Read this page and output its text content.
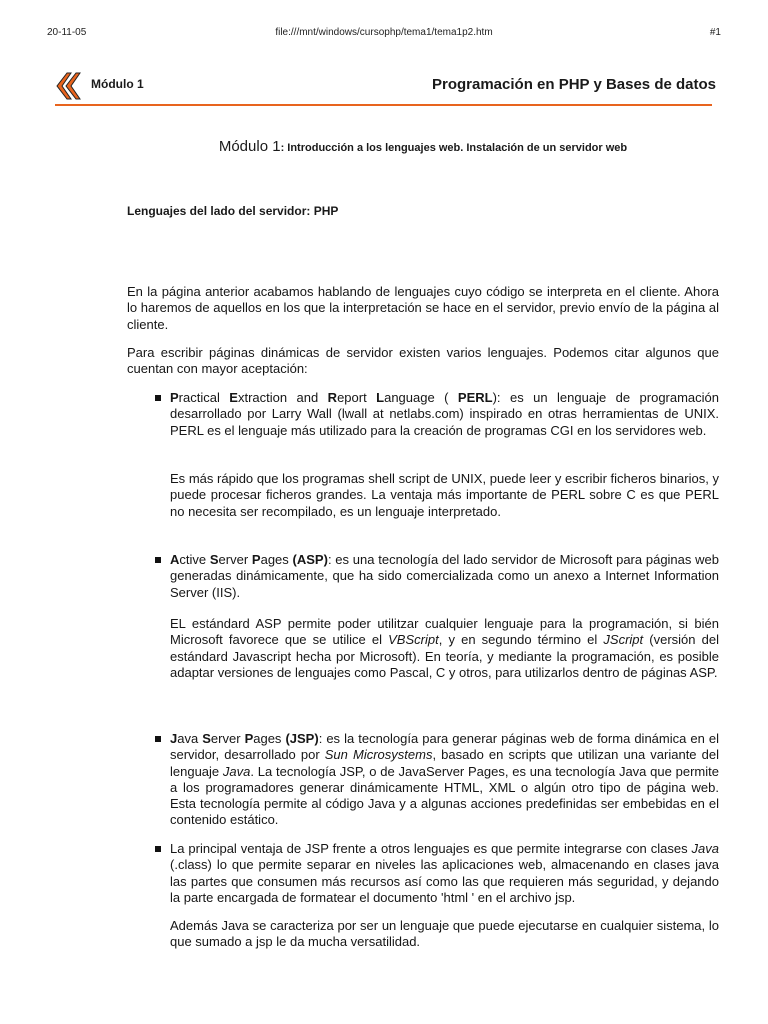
20-11-05	file:///mnt/windows/cursophp/tema1/tema1p2.htm	#1
Módulo 1	Programación en PHP y Bases de datos
Módulo 1: Introducción a los lenguajes web. Instalación de un servidor web
Lenguajes del lado del servidor: PHP

En la página anterior acabamos hablando de lenguajes cuyo código se interpreta en el cliente. Ahora lo haremos de aquellos en los que la interpretación se hace en el servidor, previo envío de la página al cliente.

Para escribir páginas dinámicas de servidor existen varios lenguajes. Podemos citar algunos que cuentan con mayor aceptación:

Practical Extraction and Report Language ( PERL): es un lenguaje de programación desarrollado por Larry Wall (lwall at netlabs.com) inspirado en otras herramientas de UNIX. PERL es el lenguaje más utilizado para la creación de programas CGI en los servidores web.

Es más rápido que los programas shell script de UNIX, puede leer y escribir ficheros binarios, y puede procesar ficheros grandes. La ventaja más importante de PERL sobre C es que PERL no necesita ser recompilado, es un lenguaje interpretado.

Active Server Pages (ASP): es una tecnología del lado servidor de Microsoft para páginas web generadas dinámicamente, que ha sido comercializada como un anexo a Internet Information Server (IIS).

EL estándard ASP permite poder utilitzar cualquier lenguaje para la programación, si bién Microsoft favorece que se utilice el VBScript, y en segundo término el JScript (versión del estándard Javascript hecha por Microsoft). En teoría, y mediante la programación, es posible adaptar versiones de lenguajes como Pascal, C y otros, para utilizarlos dentro de páginas ASP.

Java Server Pages (JSP): es la tecnología para generar páginas web de forma dinámica en el servidor, desarrollado por Sun Microsystems, basado en scripts que utilizan una variante del lenguaje Java. La tecnología JSP, o de JavaServer Pages, es una tecnología Java que permite a los programadores generar dinámicamente HTML, XML o algún otro tipo de página web. Esta tecnología permite al código Java y a algunas acciones predefinidas ser embebidas en el contenido estático.

La principal ventaja de JSP frente a otros lenguajes es que permite integrarse con clases Java (.class) lo que permite separar en niveles las aplicaciones web, almacenando en clases java las partes que consumen más recursos así como las que requieren más seguridad, y dejando la parte encargada de formatear el documento 'html ' en el archivo jsp.

Además Java se caracteriza por ser un lenguaje que puede ejecutarse en cualquier sistema, lo que sumado a jsp le da mucha versatilidad.
